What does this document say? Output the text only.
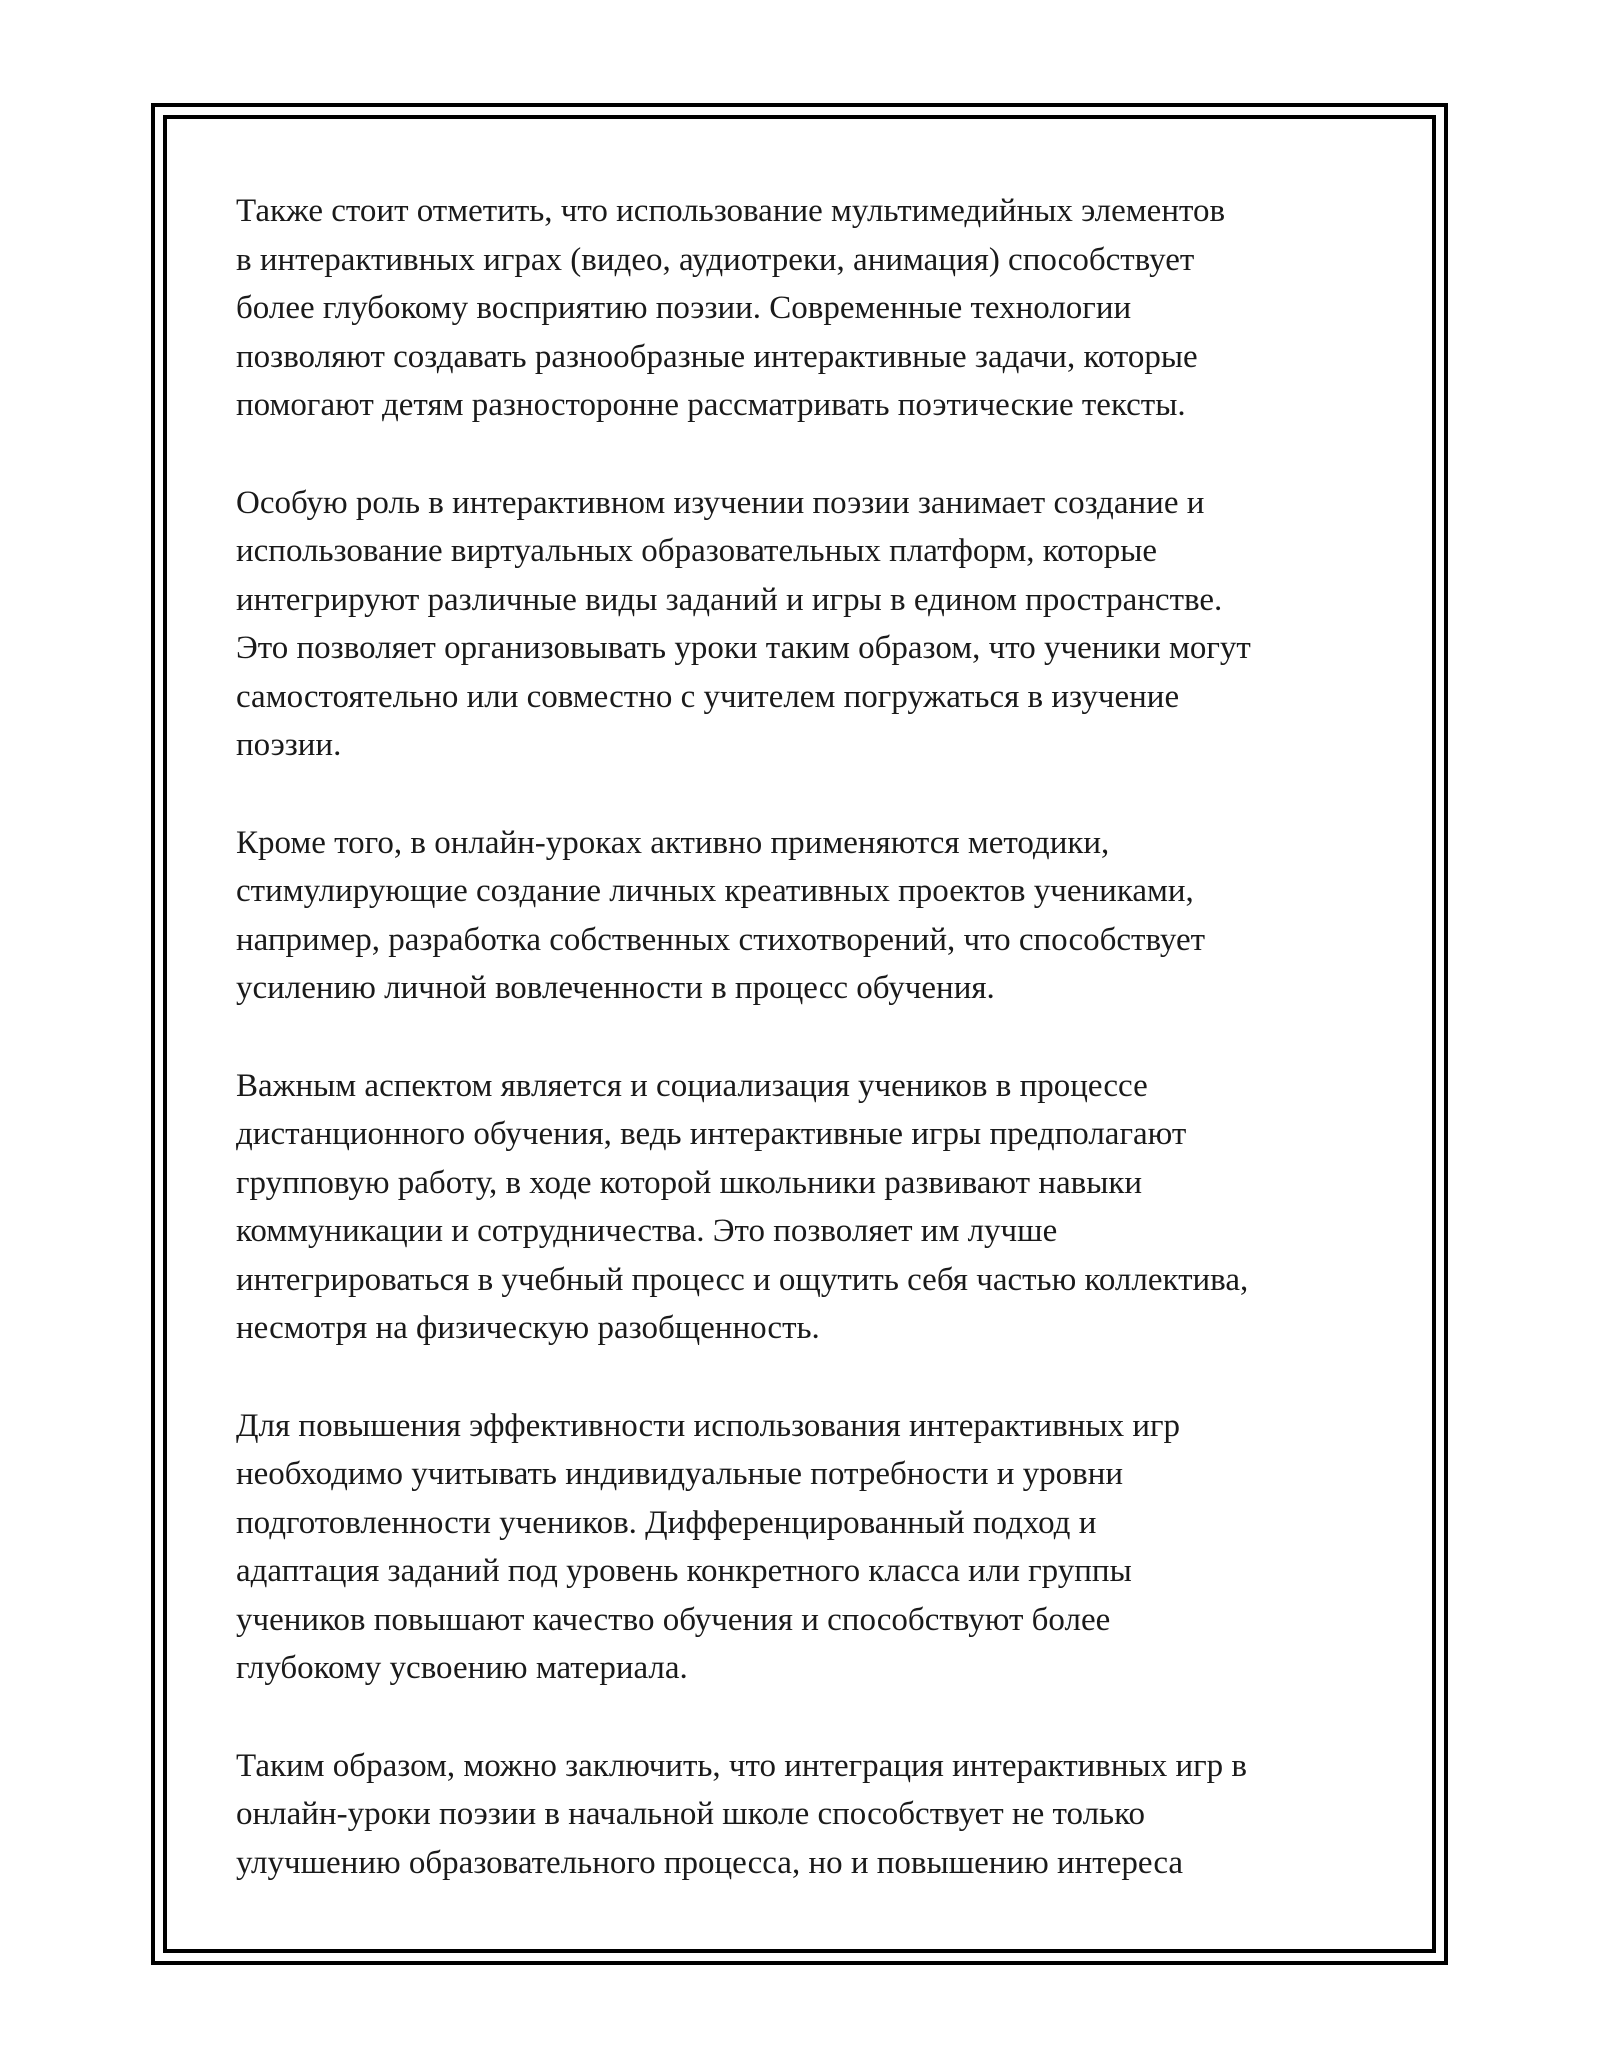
Также стоит отметить, что использование мультимедийных элементов
в интерактивных играх (видео, аудиотреки, анимация) способствует
более глубокому восприятию поэзии. Современные технологии
позволяют создавать разнообразные интерактивные задачи, которые
помогают детям разносторонне рассматривать поэтические тексты.

Особую роль в интерактивном изучении поэзии занимает создание и
использование виртуальных образовательных платформ, которые
интегрируют различные виды заданий и игры в едином пространстве.
Это позволяет организовывать уроки таким образом, что ученики могут
самостоятельно или совместно с учителем погружаться в изучение
поэзии.

Кроме того, в онлайн-уроках активно применяются методики,
стимулирующие создание личных креативных проектов учениками,
например, разработка собственных стихотворений, что способствует
усилению личной вовлеченности в процесс обучения.

Важным аспектом является и социализация учеников в процессе
дистанционного обучения, ведь интерактивные игры предполагают
групповую работу, в ходе которой школьники развивают навыки
коммуникации и сотрудничества. Это позволяет им лучше
интегрироваться в учебный процесс и ощутить себя частью коллектива,
несмотря на физическую разобщенность.

Для повышения эффективности использования интерактивных игр
необходимо учитывать индивидуальные потребности и уровни
подготовленности учеников. Дифференцированный подход и
адаптация заданий под уровень конкретного класса или группы
учеников повышают качество обучения и способствуют более
глубокому усвоению материала.

Таким образом, можно заключить, что интеграция интерактивных игр в
онлайн-уроки поэзии в начальной школе способствует не только
улучшению образовательного процесса, но и повышению интереса
